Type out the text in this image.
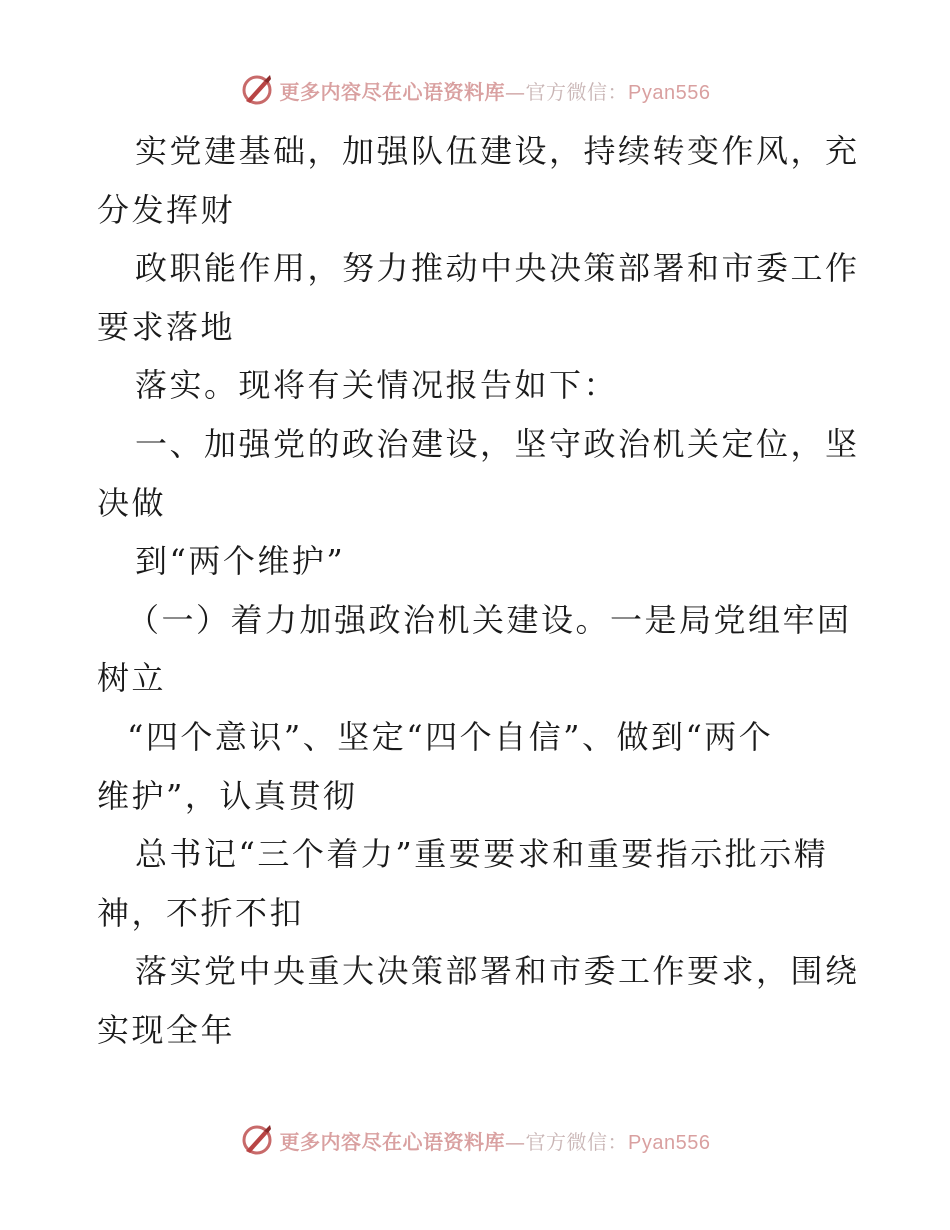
更多内容尽在心语资料库—官方微信：Pyan556
实党建基础，加强队伍建设，持续转变作风，充
分发挥财
政职能作用，努力推动中央决策部署和市委工作
要求落地
落实。现将有关情况报告如下：
一、加强党的政治建设，坚守政治机关定位，坚
决做
到“两个维护”
（一）着力加强政治机关建设。一是局党组牢固
树立
“四个意识”、坚定“四个自信”、做到“两个
维护”，认真贯彻
总书记“三个着力”重要要求和重要指示批示精
神，不折不扣
落实党中央重大决策部署和市委工作要求，围绕
实现全年
更多内容尽在心语资料库—官方微信：Pyan556
